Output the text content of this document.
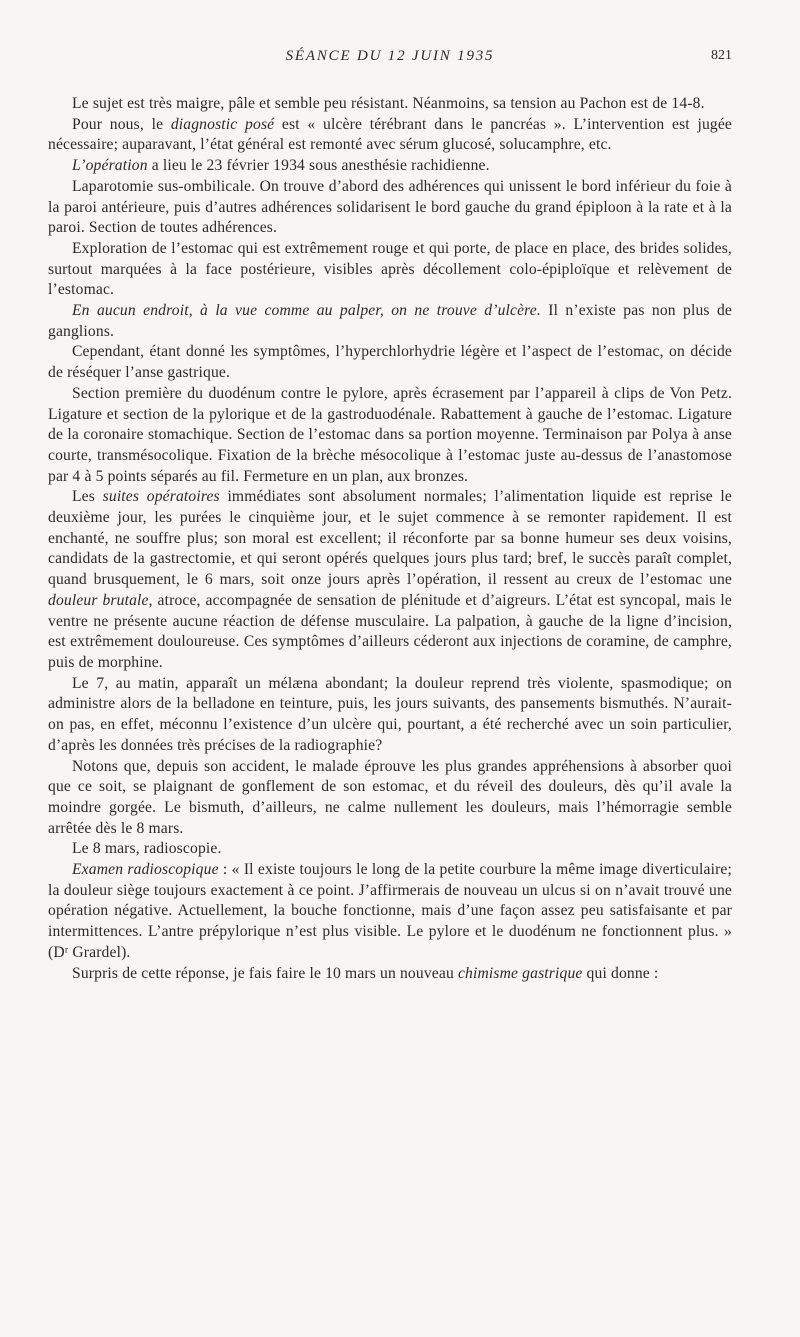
SÉANCE DU 12 JUIN 1935	821

Le sujet est très maigre, pâle et semble peu résistant. Néanmoins, sa tension au Pachon est de 14-8.

Pour nous, le diagnostic posé est « ulcère térébrant dans le pancréas ». L’intervention est jugée nécessaire; auparavant, l’état général est remonté avec sérum glucosé, solucamphre, etc.

L’opération a lieu le 23 février 1934 sous anesthésie rachidienne.

Laparotomie sus-ombilicale. On trouve d’abord des adhérences qui unissent le bord inférieur du foie à la paroi antérieure, puis d’autres adhérences solidarisent le bord gauche du grand épiploon à la rate et à la paroi. Section de toutes adhérences.

Exploration de l’estomac qui est extrêmement rouge et qui porte, de place en place, des brides solides, surtout marquées à la face postérieure, visibles après décollement colo-épiploïque et relèvement de l’estomac.

En aucun endroit, à la vue comme au palper, on ne trouve d’ulcère. Il n’existe pas non plus de ganglions.

Cependant, étant donné les symptômes, l’hyperchlorhydrie légère et l’aspect de l’estomac, on décide de réséquer l’anse gastrique.

Section première du duodénum contre le pylore, après écrasement par l’appareil à clips de Von Petz. Ligature et section de la pylorique et de la gastroduodénale. Rabattement à gauche de l’estomac. Ligature de la coronaire stomachique. Section de l’estomac dans sa portion moyenne. Terminaison par Polya à anse courte, transmésocolique. Fixation de la brèche mésocolique à l’estomac juste au-dessus de l’anastomose par 4 à 5 points séparés au fil. Fermeture en un plan, aux bronzes.

Les suites opératoires immédiates sont absolument normales; l’alimentation liquide est reprise le deuxième jour, les purées le cinquième jour, et le sujet commence à se remonter rapidement. Il est enchanté, ne souffre plus; son moral est excellent; il réconforte par sa bonne humeur ses deux voisins, candidats de la gastrectomie, et qui seront opérés quelques jours plus tard; bref, le succès paraît complet, quand brusquement, le 6 mars, soit onze jours après l’opération, il ressent au creux de l’estomac une douleur brutale, atroce, accompagnée de sensation de plénitude et d’aigreurs. L’état est syncopal, mais le ventre ne présente aucune réaction de défense musculaire. La palpation, à gauche de la ligne d’incision, est extrêmement douloureuse. Ces symptômes d’ailleurs céderont aux injections de coramine, de camphre, puis de morphine.

Le 7, au matin, apparaît un mélæna abondant; la douleur reprend très violente, spasmodique; on administre alors de la belladone en teinture, puis, les jours suivants, des pansements bismuthés. N’aurait-on pas, en effet, méconnu l’existence d’un ulcère qui, pourtant, a été recherché avec un soin particulier, d’après les données très précises de la radiographie?

Notons que, depuis son accident, le malade éprouve les plus grandes appréhensions à absorber quoi que ce soit, se plaignant de gonflement de son estomac, et du réveil des douleurs, dès qu’il avale la moindre gorgée. Le bismuth, d’ailleurs, ne calme nullement les douleurs, mais l’hémorragie semble arrêtée dès le 8 mars.

Le 8 mars, radioscopie.

Examen radioscopique : « Il existe toujours le long de la petite courbure la même image diverticulaire; la douleur siège toujours exactement à ce point. J’affirmerais de nouveau un ulcus si on n’avait trouvé une opération négative. Actuellement, la bouche fonctionne, mais d’une façon assez peu satisfaisante et par intermittences. L’antre prépylorique n’est plus visible. Le pylore et le duodénum ne fonctionnent plus. » (Dʳ Grardel).

Surpris de cette réponse, je fais faire le 10 mars un nouveau chimisme gastrique qui donne :
